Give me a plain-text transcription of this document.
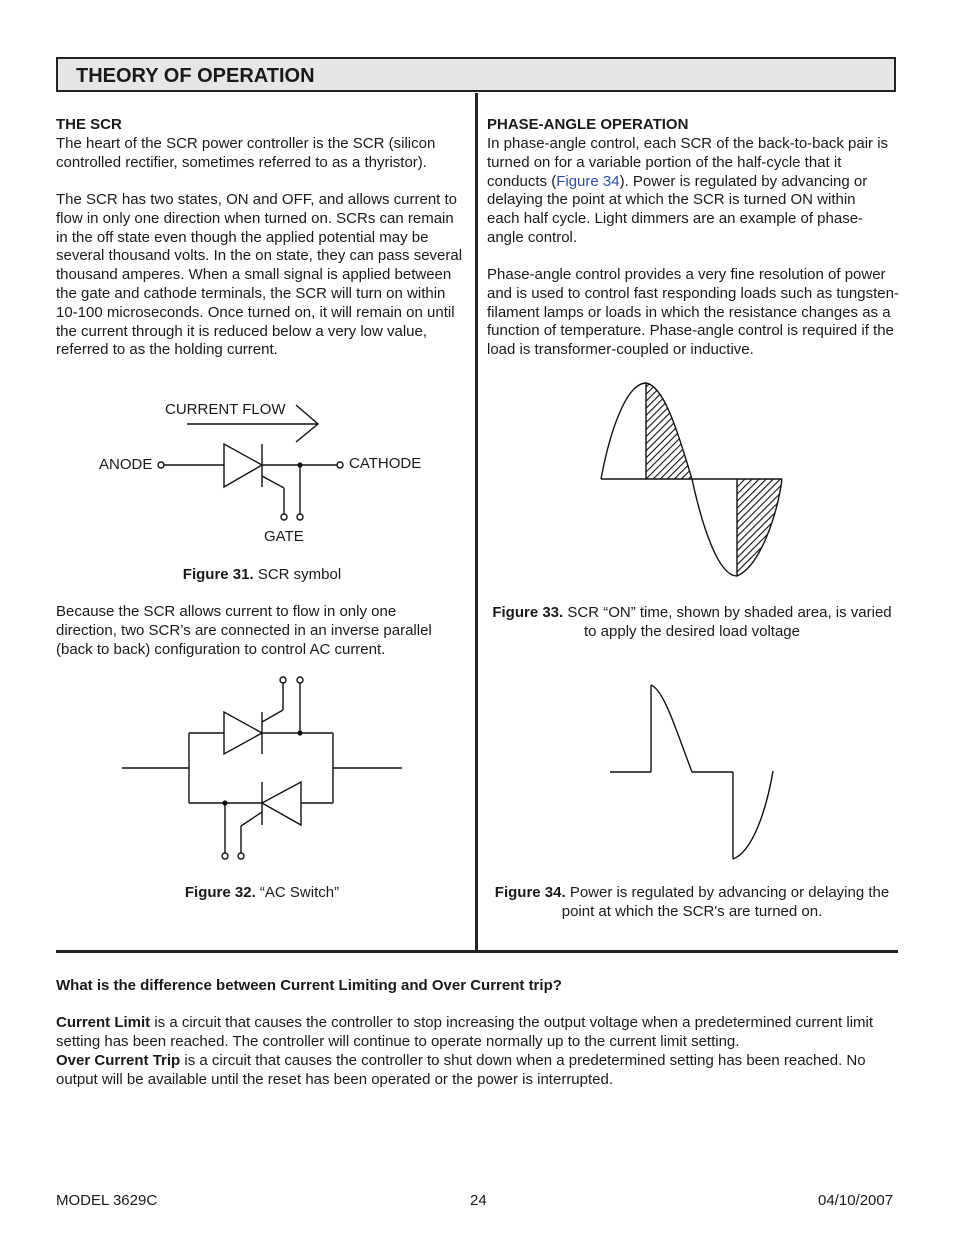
THEORY OF OPERATION
THE SCR
The heart of the SCR power controller is the SCR (silicon controlled rectifier, sometimes referred to as a thyristor).
The SCR has two states, ON and OFF, and allows current to flow in only one direction when turned on. SCRs can remain in the off state even though the applied potential may be several thousand volts. In the on state, they can pass several thousand amperes. When a small signal is applied between the gate and cathode terminals, the SCR will turn on within 10-100 microseconds. Once turned on, it will remain on until the current through it is reduced below a very low value, referred to as the holding current.
CURRENT FLOW
ANODE	CATHODE
GATE
Figure 31. SCR symbol
Because the SCR allows current to flow in only one direction, two SCR’s are connected in an inverse parallel (back to back) configuration to control AC current.
Figure 32. “AC Switch”
PHASE-ANGLE OPERATION
In phase-angle control, each SCR of the back-to-back pair is turned on for a variable portion of the half-cycle that it conducts (Figure 34). Power is regulated by advancing or delaying the point at which the SCR is turned ON within each half cycle. Light dimmers are an example of phase-angle control.
Phase-angle control provides a very fine resolution of power and is used to control fast responding loads such as tungsten-filament lamps or loads in which the resistance changes as a function of temperature. Phase-angle control is required if the load is transformer-coupled or inductive.
Figure 33. SCR “ON” time, shown by shaded area, is varied to apply the desired load voltage
Figure 34. Power is regulated by advancing or delaying the point at which the SCR's are turned on.
What is the difference between Current Limiting and Over Current trip?
Current Limit is a circuit that causes the controller to stop increasing the output voltage when a predetermined current limit setting has been reached. The controller will continue to operate normally up to the current limit setting.
Over Current Trip is a circuit that causes the controller to shut down when a predetermined setting has been reached. No output will be available until the reset has been operated or the power is interrupted.
MODEL 3629C	24	04/10/2007
